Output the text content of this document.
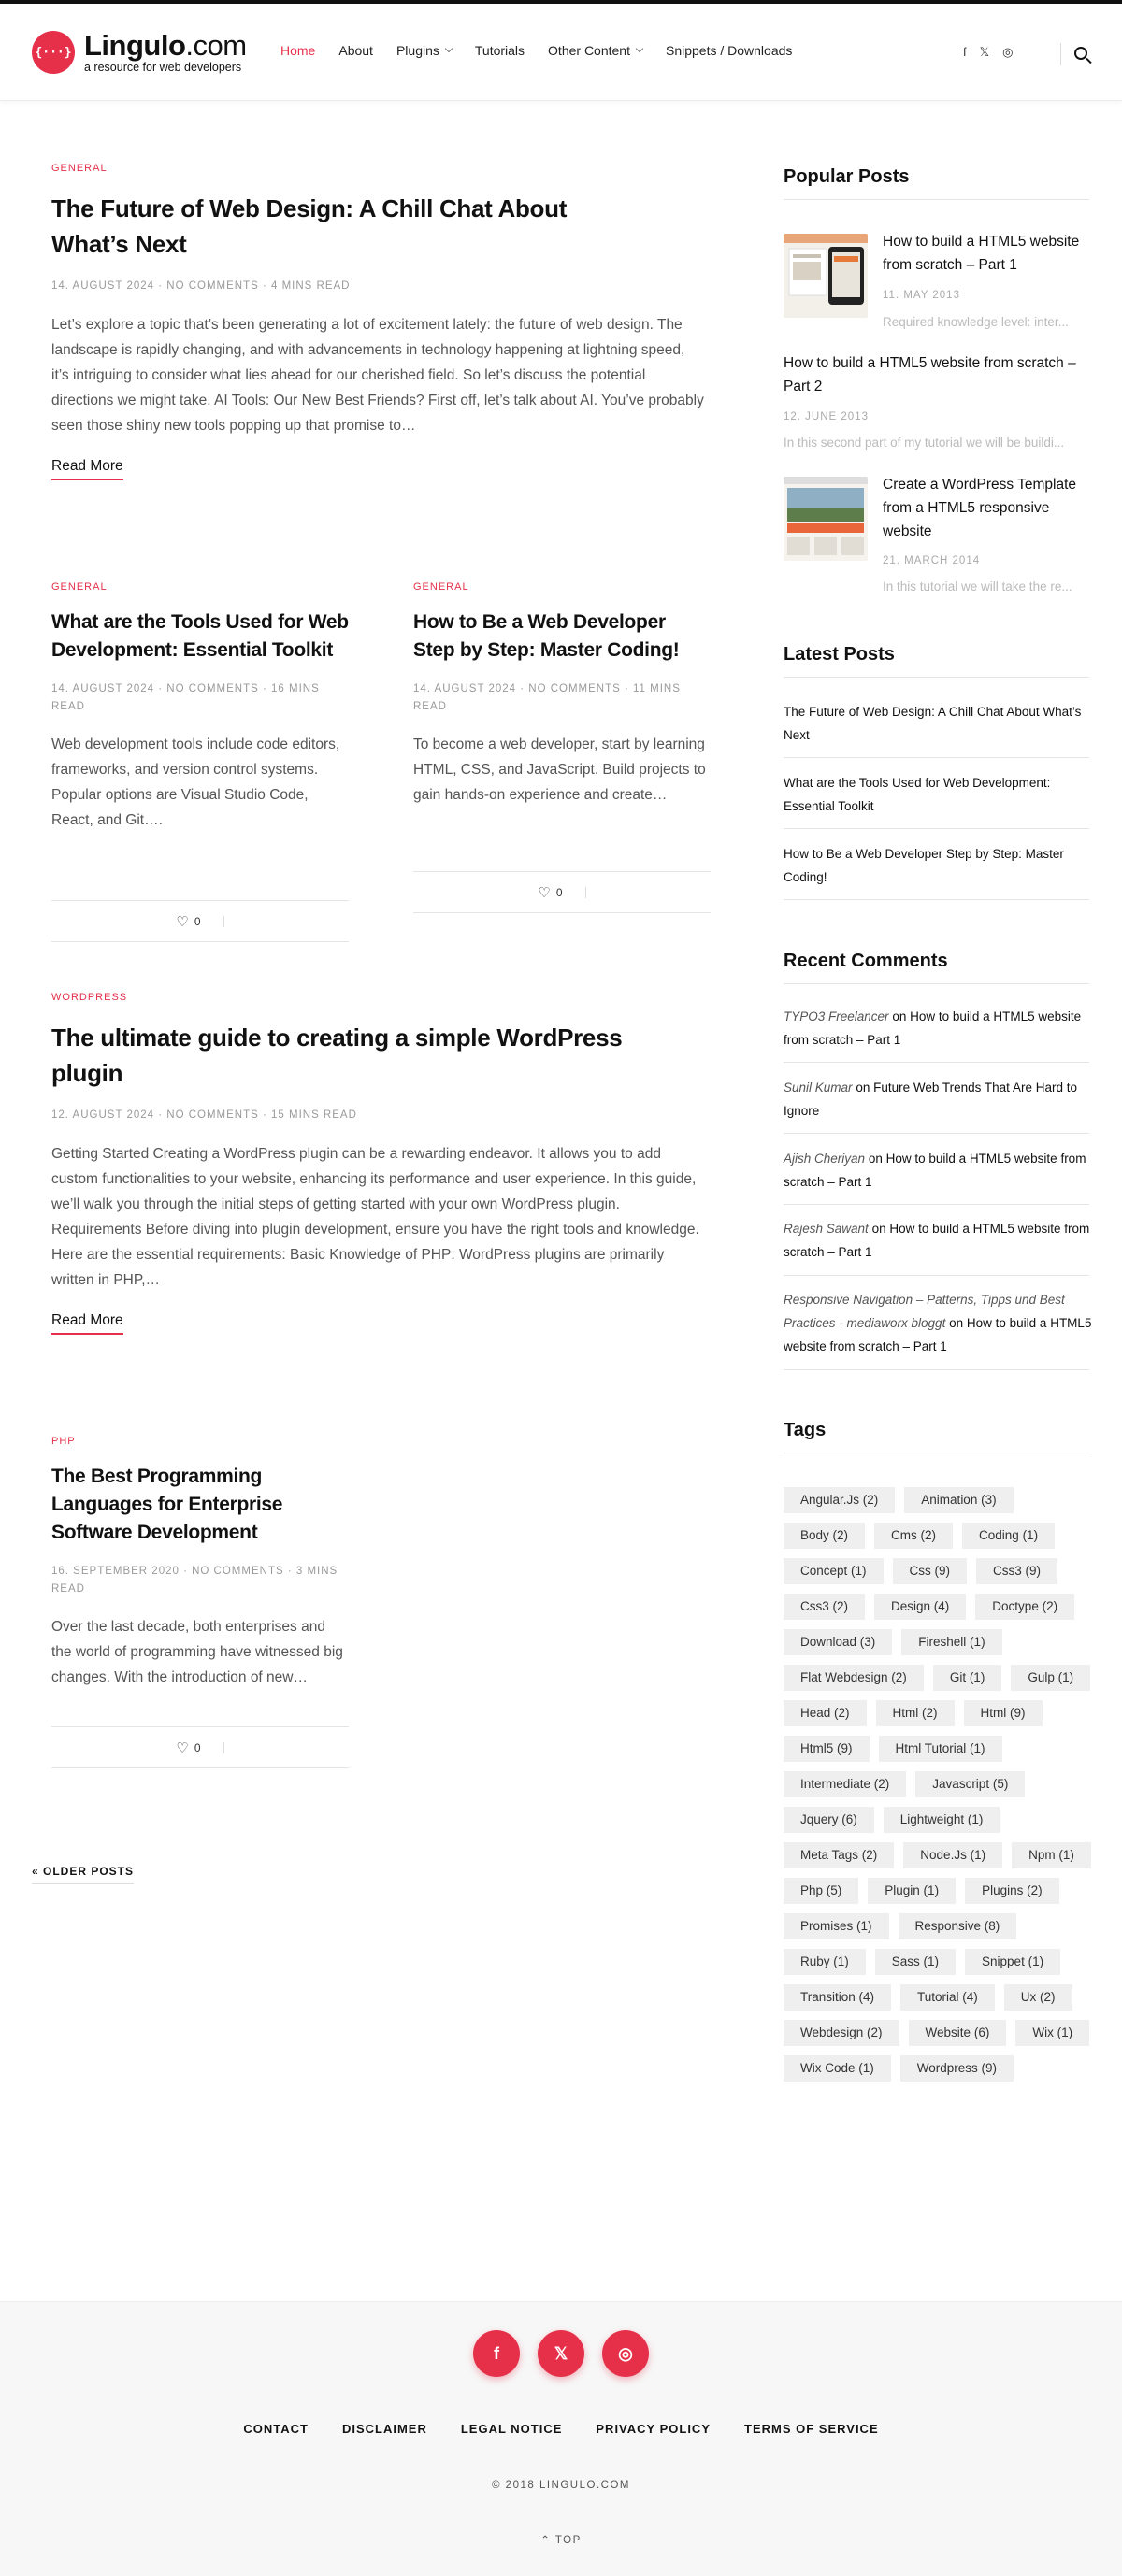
{···} Lingulo.com
a resource for web developers
Home About Plugins	Tutorials Other Content	Snippets / Downloads	f 𝕏 ◎
GENERAL
The Future of Web Design: A Chill Chat About What’s Next
14. AUGUST 2024 · NO COMMENTS · 4 MINS READ

Let’s explore a topic that’s been generating a lot of excitement lately: the future of web design. The landscape is rapidly changing, and with advancements in technology happening at lightning speed, it’s intriguing to consider what lies ahead for our cherished field. So let’s discuss the potential directions we might take. AI Tools: Our New Best Friends? First off, let’s talk about AI. You’ve probably seen those shiny new tools popping up that promise to…

Read More
GENERAL
What are the Tools Used for Web Development: Essential Toolkit
14. AUGUST 2024 · NO COMMENTS · 16 MINS READ

Web development tools include code editors, frameworks, and version control systems. Popular options are Visual Studio Code, React, and Git….

♡ 0
GENERAL
How to Be a Web Developer Step by Step: Master Coding!
14. AUGUST 2024 · NO COMMENTS · 11 MINS READ

To become a web developer, start by learning HTML, CSS, and JavaScript. Build projects to gain hands-on experience and create…

♡ 0
WORDPRESS
The ultimate guide to creating a simple WordPress plugin
12. AUGUST 2024 · NO COMMENTS · 15 MINS READ

Getting Started Creating a WordPress plugin can be a rewarding endeavor. It allows you to add custom functionalities to your website, enhancing its performance and user experience. In this guide, we’ll walk you through the initial steps of getting started with your own WordPress plugin. Requirements Before diving into plugin development, ensure you have the right tools and knowledge. Here are the essential requirements: Basic Knowledge of PHP: WordPress plugins are primarily written in PHP,…

Read More
PHP
The Best Programming Languages for Enterprise Software Development
16. SEPTEMBER 2020 · NO COMMENTS · 3 MINS READ

Over the last decade, both enterprises and the world of programming have witnessed big changes. With the introduction of new…

♡ 0
« OLDER POSTS
Popular Posts
How to build a HTML5 website from scratch – Part 1
11. MAY 2013
Required knowledge level: inter...
How to build a HTML5 website from scratch – Part 2
12. JUNE 2013
In this second part of my tutorial we will be buildi...
Create a WordPress Template from a HTML5 responsive website
21. MARCH 2014
In this tutorial we will take the re...
Latest Posts
The Future of Web Design: A Chill Chat About What’s Next
What are the Tools Used for Web Development: Essential Toolkit
How to Be a Web Developer Step by Step: Master Coding!
Recent Comments
TYPO3 Freelancer on How to build a HTML5 website from scratch – Part 1
Sunil Kumar on Future Web Trends That Are Hard to Ignore
Ajish Cheriyan on How to build a HTML5 website from scratch – Part 1
Rajesh Sawant on How to build a HTML5 website from scratch – Part 1
Responsive Navigation – Patterns, Tipps und Best Practices - mediaworx bloggt on How to build a HTML5 website from scratch – Part 1
Tags
Angular.Js (2)	Animation (3)
Body (2)	Cms (2)	Coding (1)
Concept (1)	Css (9)	Css3 (9)
Css3 (2)	Design (4)	Doctype (2)
Download (3)	Fireshell (1)
Flat Webdesign (2)	Git (1)	Gulp (1)
Head (2)	Html (2)	Html (9)
Html5 (9)	Html Tutorial (1)
Intermediate (2)	Javascript (5)
Jquery (6)	Lightweight (1)
Meta Tags (2)	Node.Js (1)	Npm (1)
Php (5)	Plugin (1)	Plugins (2)
Promises (1)	Responsive (8)
Ruby (1)	Sass (1)	Snippet (1)
Transition (4)	Tutorial (4)	Ux (2)
Webdesign (2)	Website (6)	Wix (1)
Wix Code (1)	Wordpress (9)
f	𝕏	◎
CONTACT	DISCLAIMER	LEGAL NOTICE	PRIVACY POLICY	TERMS OF SERVICE
© 2018 LINGULO.COM
⌃ TOP
